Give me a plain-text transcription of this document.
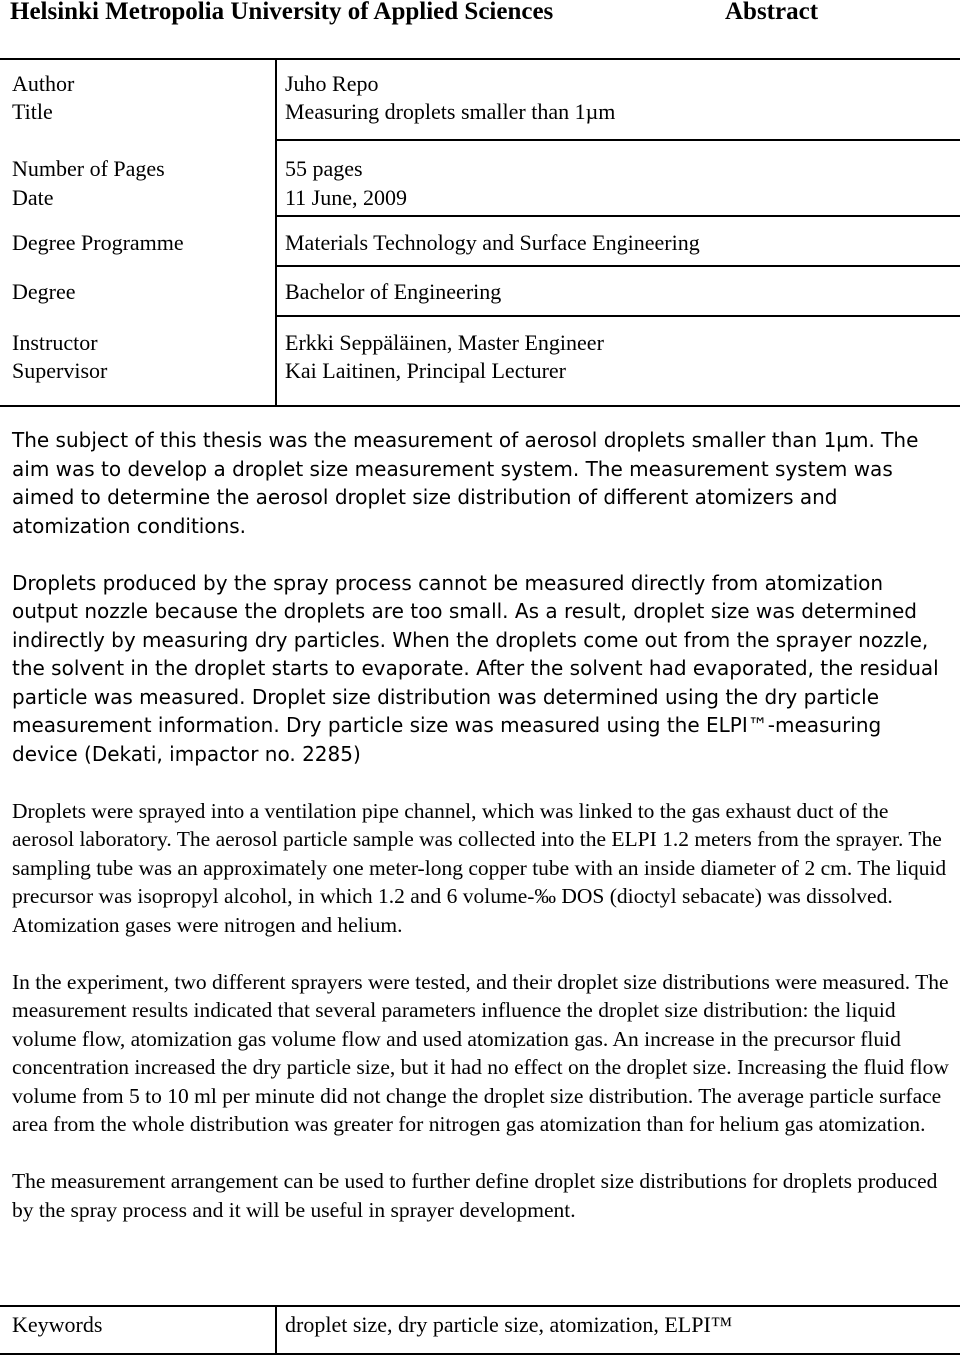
Helsinki Metropolia University of Applied Sciences	Abstract
Author	Juho Repo
Title	Measuring droplets smaller than 1µm
Number of Pages	55 pages
Date	11 June, 2009
Degree Programme	Materials Technology and Surface Engineering
Degree	Bachelor of Engineering
Instructor	Erkki Seppäläinen, Master Engineer
Supervisor	Kai Laitinen, Principal Lecturer

The subject of this thesis was the measurement of aerosol droplets smaller than 1µm. The aim was to develop a droplet size measurement system. The measurement system was aimed to determine the aerosol droplet size distribution of different atomizers and atomization conditions.

Droplets produced by the spray process cannot be measured directly from atomization output nozzle because the droplets are too small. As a result, droplet size was determined indirectly by measuring dry particles. When the droplets come out from the sprayer nozzle, the solvent in the droplet starts to evaporate. After the solvent had evaporated, the residual particle was measured. Droplet size distribution was determined using the dry particle measurement information. Dry particle size was measured using the ELPI™-measuring device (Dekati, impactor no. 2285)

Droplets were sprayed into a ventilation pipe channel, which was linked to the gas exhaust duct of the aerosol laboratory. The aerosol particle sample was collected into the ELPI 1.2 meters from the sprayer. The sampling tube was an approximately one meter-long copper tube with an inside diameter of 2 cm. The liquid precursor was isopropyl alcohol, in which 1.2 and 6 volume-‰ DOS (dioctyl sebacate) was dissolved. Atomization gases were nitrogen and helium.

In the experiment, two different sprayers were tested, and their droplet size distributions were measured. The measurement results indicated that several parameters influence the droplet size distribution: the liquid volume flow, atomization gas volume flow and used atomization gas. An increase in the precursor fluid concentration increased the dry particle size, but it had no effect on the droplet size. Increasing the fluid flow volume from 5 to 10 ml per minute did not change the droplet size distribution. The average particle surface area from the whole distribution was greater for nitrogen gas atomization than for helium gas atomization.

The measurement arrangement can be used to further define droplet size distributions for droplets produced by the spray process and it will be useful in sprayer development.

Keywords	droplet size, dry particle size, atomization, ELPI™
